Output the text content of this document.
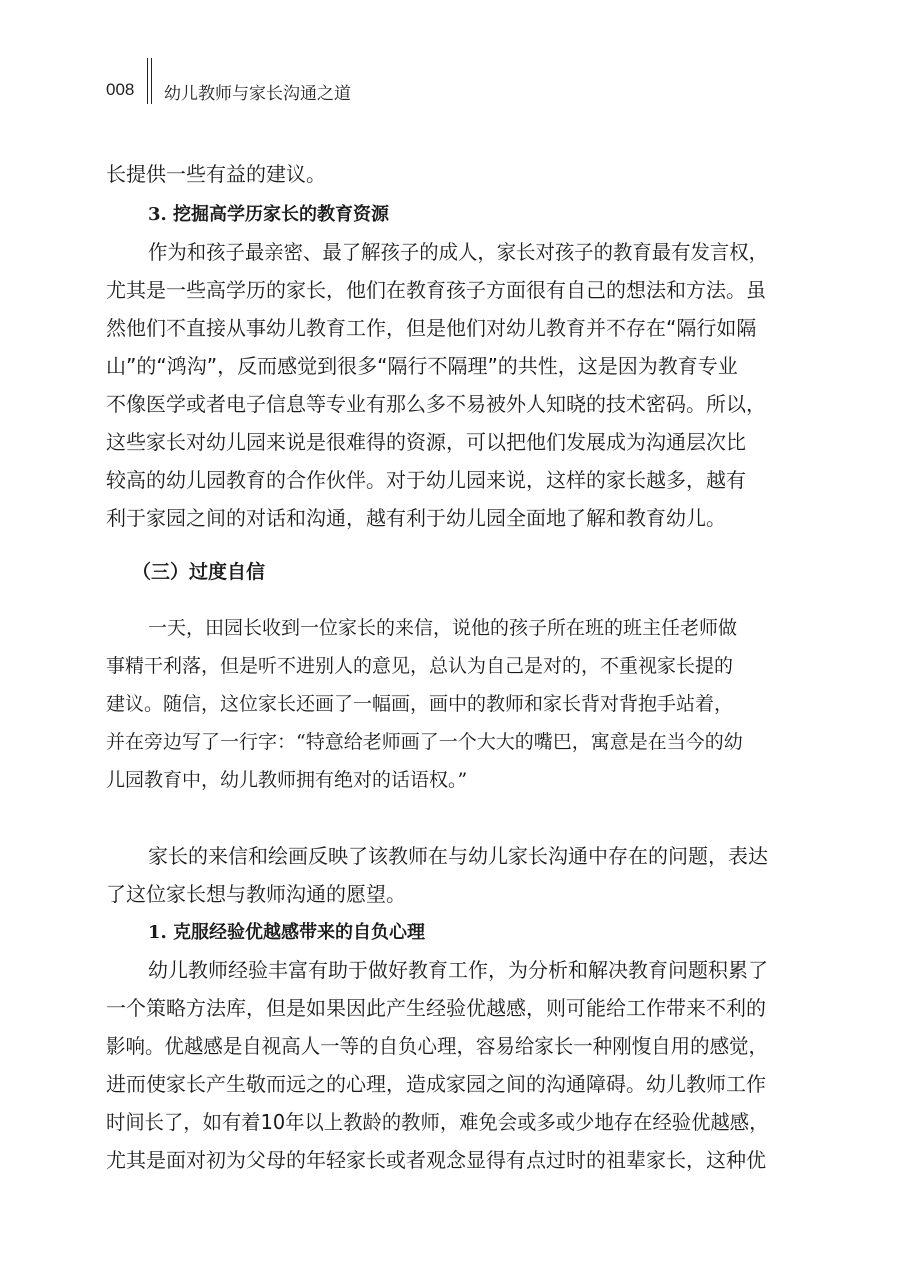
008 幼儿教师与家长沟通之道
长提供一些有益的建议。
3. 挖掘高学历家长的教育资源
作为和孩子最亲密、最了解孩子的成人，家长对孩子的教育最有发言权，
尤其是一些高学历的家长，他们在教育孩子方面很有自己的想法和方法。虽
然他们不直接从事幼儿教育工作，但是他们对幼儿教育并不存在“隔行如隔
山”的“鸿沟”，反而感觉到很多“隔行不隔理”的共性，这是因为教育专业
不像医学或者电子信息等专业有那么多不易被外人知晓的技术密码。所以，
这些家长对幼儿园来说是很难得的资源，可以把他们发展成为沟通层次比
较高的幼儿园教育的合作伙伴。对于幼儿园来说，这样的家长越多，越有
利于家园之间的对话和沟通，越有利于幼儿园全面地了解和教育幼儿。
（三）过度自信
一天，田园长收到一位家长的来信，说他的孩子所在班的班主任老师做
事精干利落，但是听不进别人的意见，总认为自己是对的，不重视家长提的
建议。随信，这位家长还画了一幅画，画中的教师和家长背对背抱手站着，
并在旁边写了一行字：“特意给老师画了一个大大的嘴巴，寓意是在当今的幼
儿园教育中，幼儿教师拥有绝对的话语权。”
家长的来信和绘画反映了该教师在与幼儿家长沟通中存在的问题，表达
了这位家长想与教师沟通的愿望。
1. 克服经验优越感带来的自负心理
幼儿教师经验丰富有助于做好教育工作，为分析和解决教育问题积累了
一个策略方法库，但是如果因此产生经验优越感，则可能给工作带来不利的
影响。优越感是自视高人一等的自负心理，容易给家长一种刚愎自用的感觉，
进而使家长产生敬而远之的心理，造成家园之间的沟通障碍。幼儿教师工作
时间长了，如有着10年以上教龄的教师，难免会或多或少地存在经验优越感，
尤其是面对初为父母的年轻家长或者观念显得有点过时的祖辈家长，这种优
